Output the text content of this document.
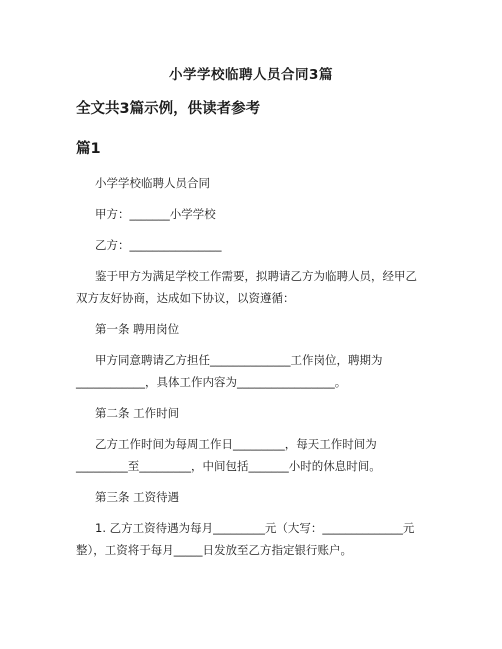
小学学校临聘人员合同3篇
全文共3篇示例，供读者参考
篇1
小学学校临聘人员合同
甲方：_______小学学校
乙方：________________
鉴于甲方为满足学校工作需要，拟聘请乙方为临聘人员，经甲乙
双方友好协商，达成如下协议，以资遵循：
第一条 聘用岗位
甲方同意聘请乙方担任______________工作岗位，聘期为
____________，具体工作内容为_________________。
第二条 工作时间
乙方工作时间为每周工作日_________，每天工作时间为
_________至_________，中间包括_______小时的休息时间。
第三条 工资待遇
1. 乙方工资待遇为每月_________元（大写：______________元
整），工资将于每月_____日发放至乙方指定银行账户。
